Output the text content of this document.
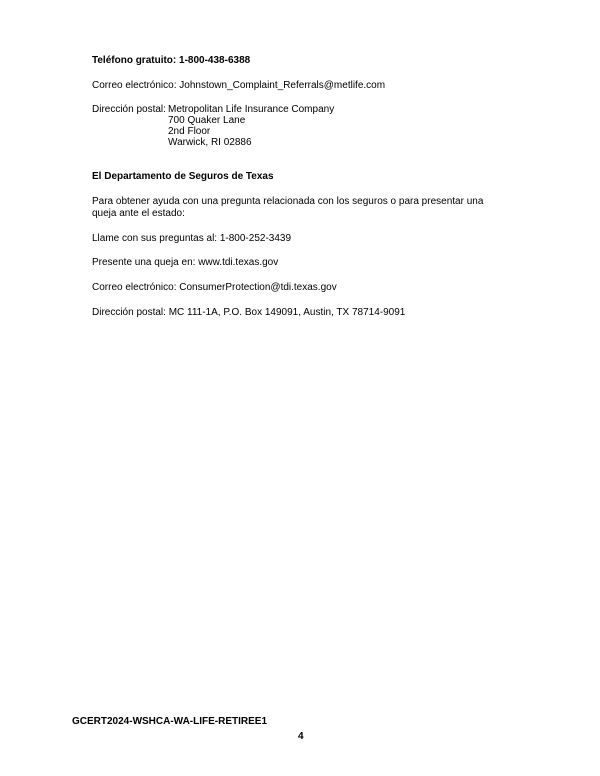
Teléfono gratuito: 1-800-438-6388
Correo electrónico: Johnstown_Complaint_Referrals@metlife.com
Dirección postal: Metropolitan Life Insurance Company
700 Quaker Lane
2nd Floor
Warwick, RI 02886
El Departamento de Seguros de Texas
Para obtener ayuda con una pregunta relacionada con los seguros o para presentar una queja ante el estado:
Llame con sus preguntas al: 1-800-252-3439
Presente una queja en: www.tdi.texas.gov
Correo electrónico: ConsumerProtection@tdi.texas.gov
Dirección postal: MC 111-1A, P.O. Box 149091, Austin, TX 78714-9091
GCERT2024-WSHCA-WA-LIFE-RETIREE1
4
